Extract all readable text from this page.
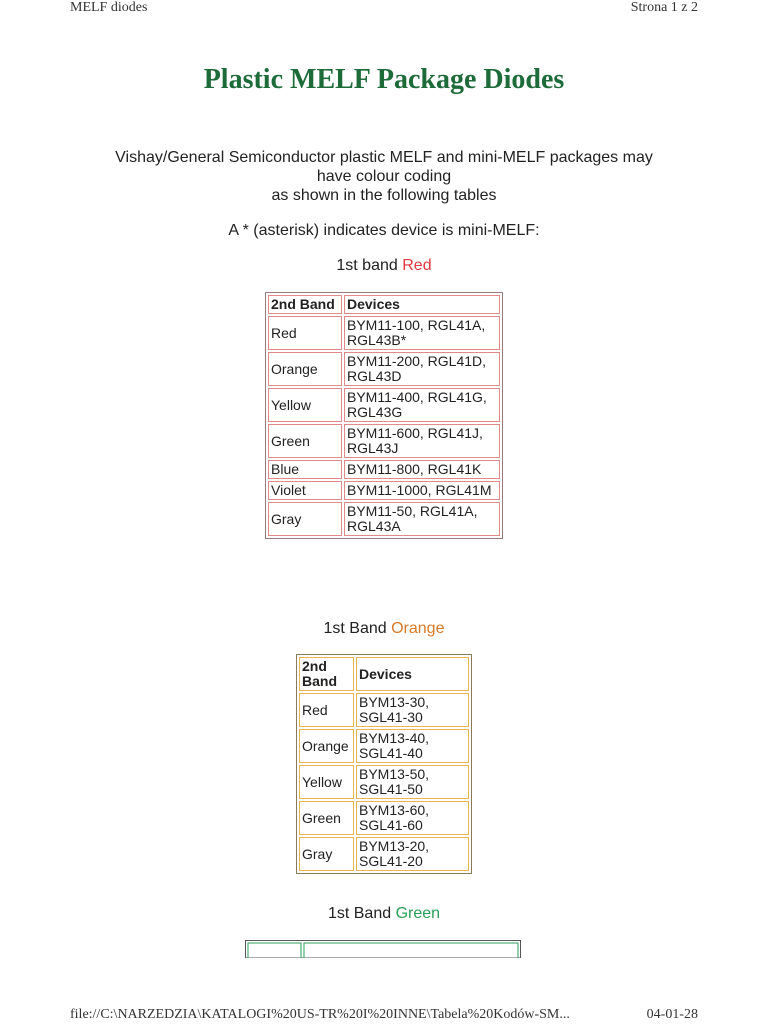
MELF diodes	Strona 1 z 2
Plastic MELF Package Diodes
Vishay/General Semiconductor plastic MELF and mini-MELF packages may
have colour coding
as shown in the following tables
A * (asterisk) indicates device is mini-MELF:
1st band Red
2nd Band	Devices
Red	BYM11-100, RGL41A, RGL43B*
Orange	BYM11-200, RGL41D, RGL43D
Yellow	BYM11-400, RGL41G, RGL43G
Green	BYM11-600, RGL41J, RGL43J
Blue	BYM11-800, RGL41K
Violet	BYM11-1000, RGL41M
Gray	BYM11-50, RGL41A, RGL43A
1st Band Orange
2nd Band	Devices
Red	BYM13-30, SGL41-30
Orange	BYM13-40, SGL41-40
Yellow	BYM13-50, SGL41-50
Green	BYM13-60, SGL41-60
Gray	BYM13-20, SGL41-20
1st Band Green
file://C:\NARZEDZIA\KATALOGI%20US-TR%20I%20INNE\Tabela%20Kodów-SM...	04-01-28
